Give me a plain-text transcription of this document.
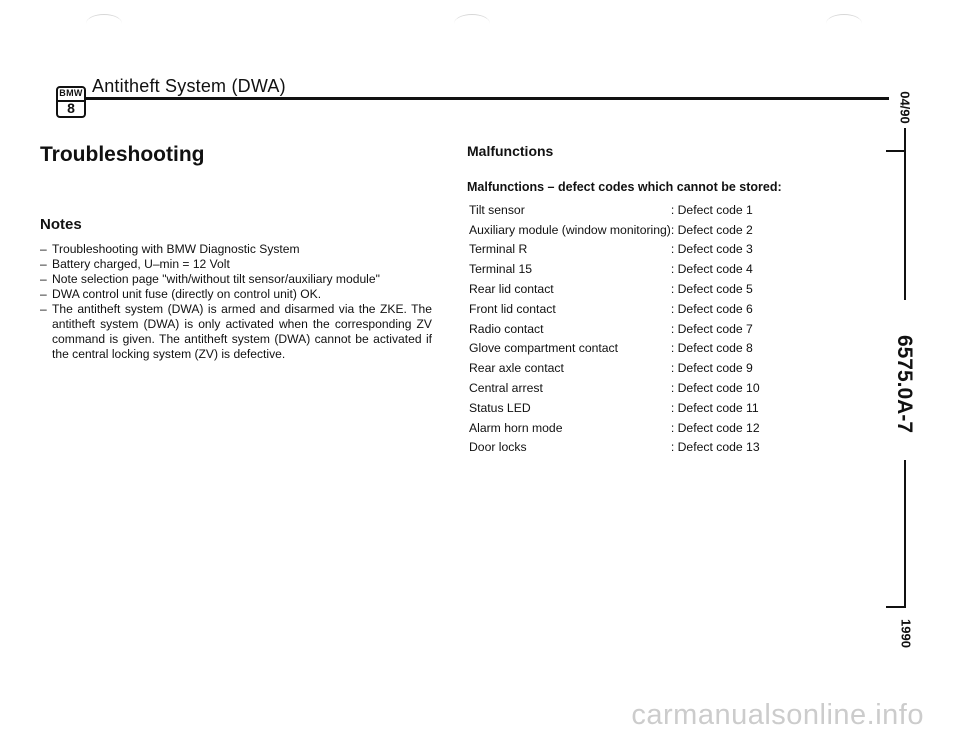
BMW
8
Antitheft System (DWA)
Troubleshooting
Notes
– Troubleshooting with BMW Diagnostic System
– Battery charged, U–min = 12 Volt
– Note selection page "with/without tilt sensor/auxiliary module"
– DWA control unit fuse (directly on control unit) OK.
– The antitheft system (DWA) is armed and disarmed via the ZKE. The antitheft system (DWA) is only activated when the corresponding ZV command is given. The antitheft system (DWA) cannot be activated if the central locking system (ZV) is defective.
Malfunctions
Malfunctions – defect codes which cannot be stored:
Tilt sensor	: Defect code 1
Auxiliary module (window monitoring)	: Defect code 2
Terminal R	: Defect code 3
Terminal 15	: Defect code 4
Rear lid contact	: Defect code 5
Front lid contact	: Defect code 6
Radio contact	: Defect code 7
Glove compartment contact	: Defect code 8
Rear axle contact	: Defect code 9
Central arrest	: Defect code 10
Status LED	: Defect code 11
Alarm horn mode	: Defect code 12
Door locks	: Defect code 13
04/90
6575.0A-7
1990
carmanualsonline.info
